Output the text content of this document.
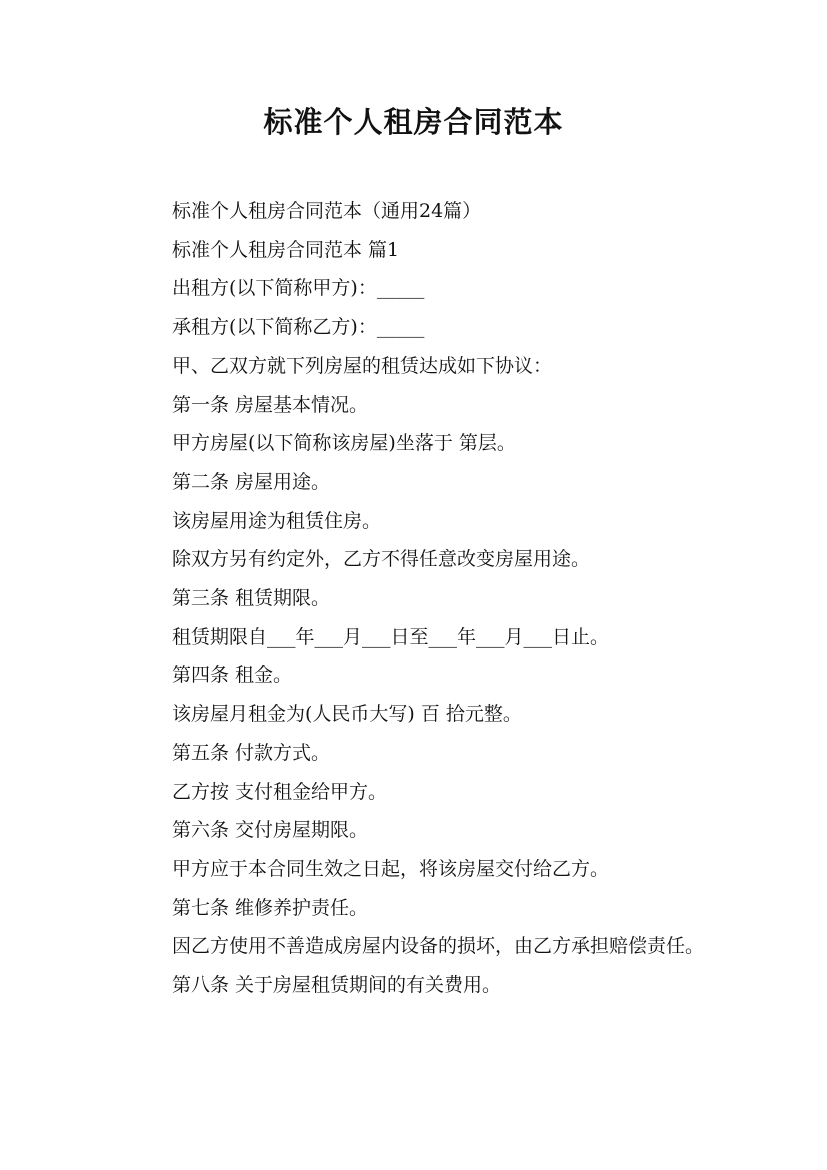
标准个人租房合同范本

标准个人租房合同范本（通用24篇）

标准个人租房合同范本 篇1

出租方(以下简称甲方)：_____

承租方(以下简称乙方)：_____

甲、乙双方就下列房屋的租赁达成如下协议：

第一条 房屋基本情况。

甲方房屋(以下简称该房屋)坐落于 第层。

第二条 房屋用途。

该房屋用途为租赁住房。

除双方另有约定外，乙方不得任意改变房屋用途。

第三条 租赁期限。

租赁期限自___年___月___日至___年___月___日止。

第四条 租金。

该房屋月租金为(人民币大写) 百 拾元整。

第五条 付款方式。

乙方按 支付租金给甲方。

第六条 交付房屋期限。

甲方应于本合同生效之日起，将该房屋交付给乙方。

第七条 维修养护责任。

因乙方使用不善造成房屋内设备的损坏，由乙方承担赔偿责任。

第八条 关于房屋租赁期间的有关费用。
